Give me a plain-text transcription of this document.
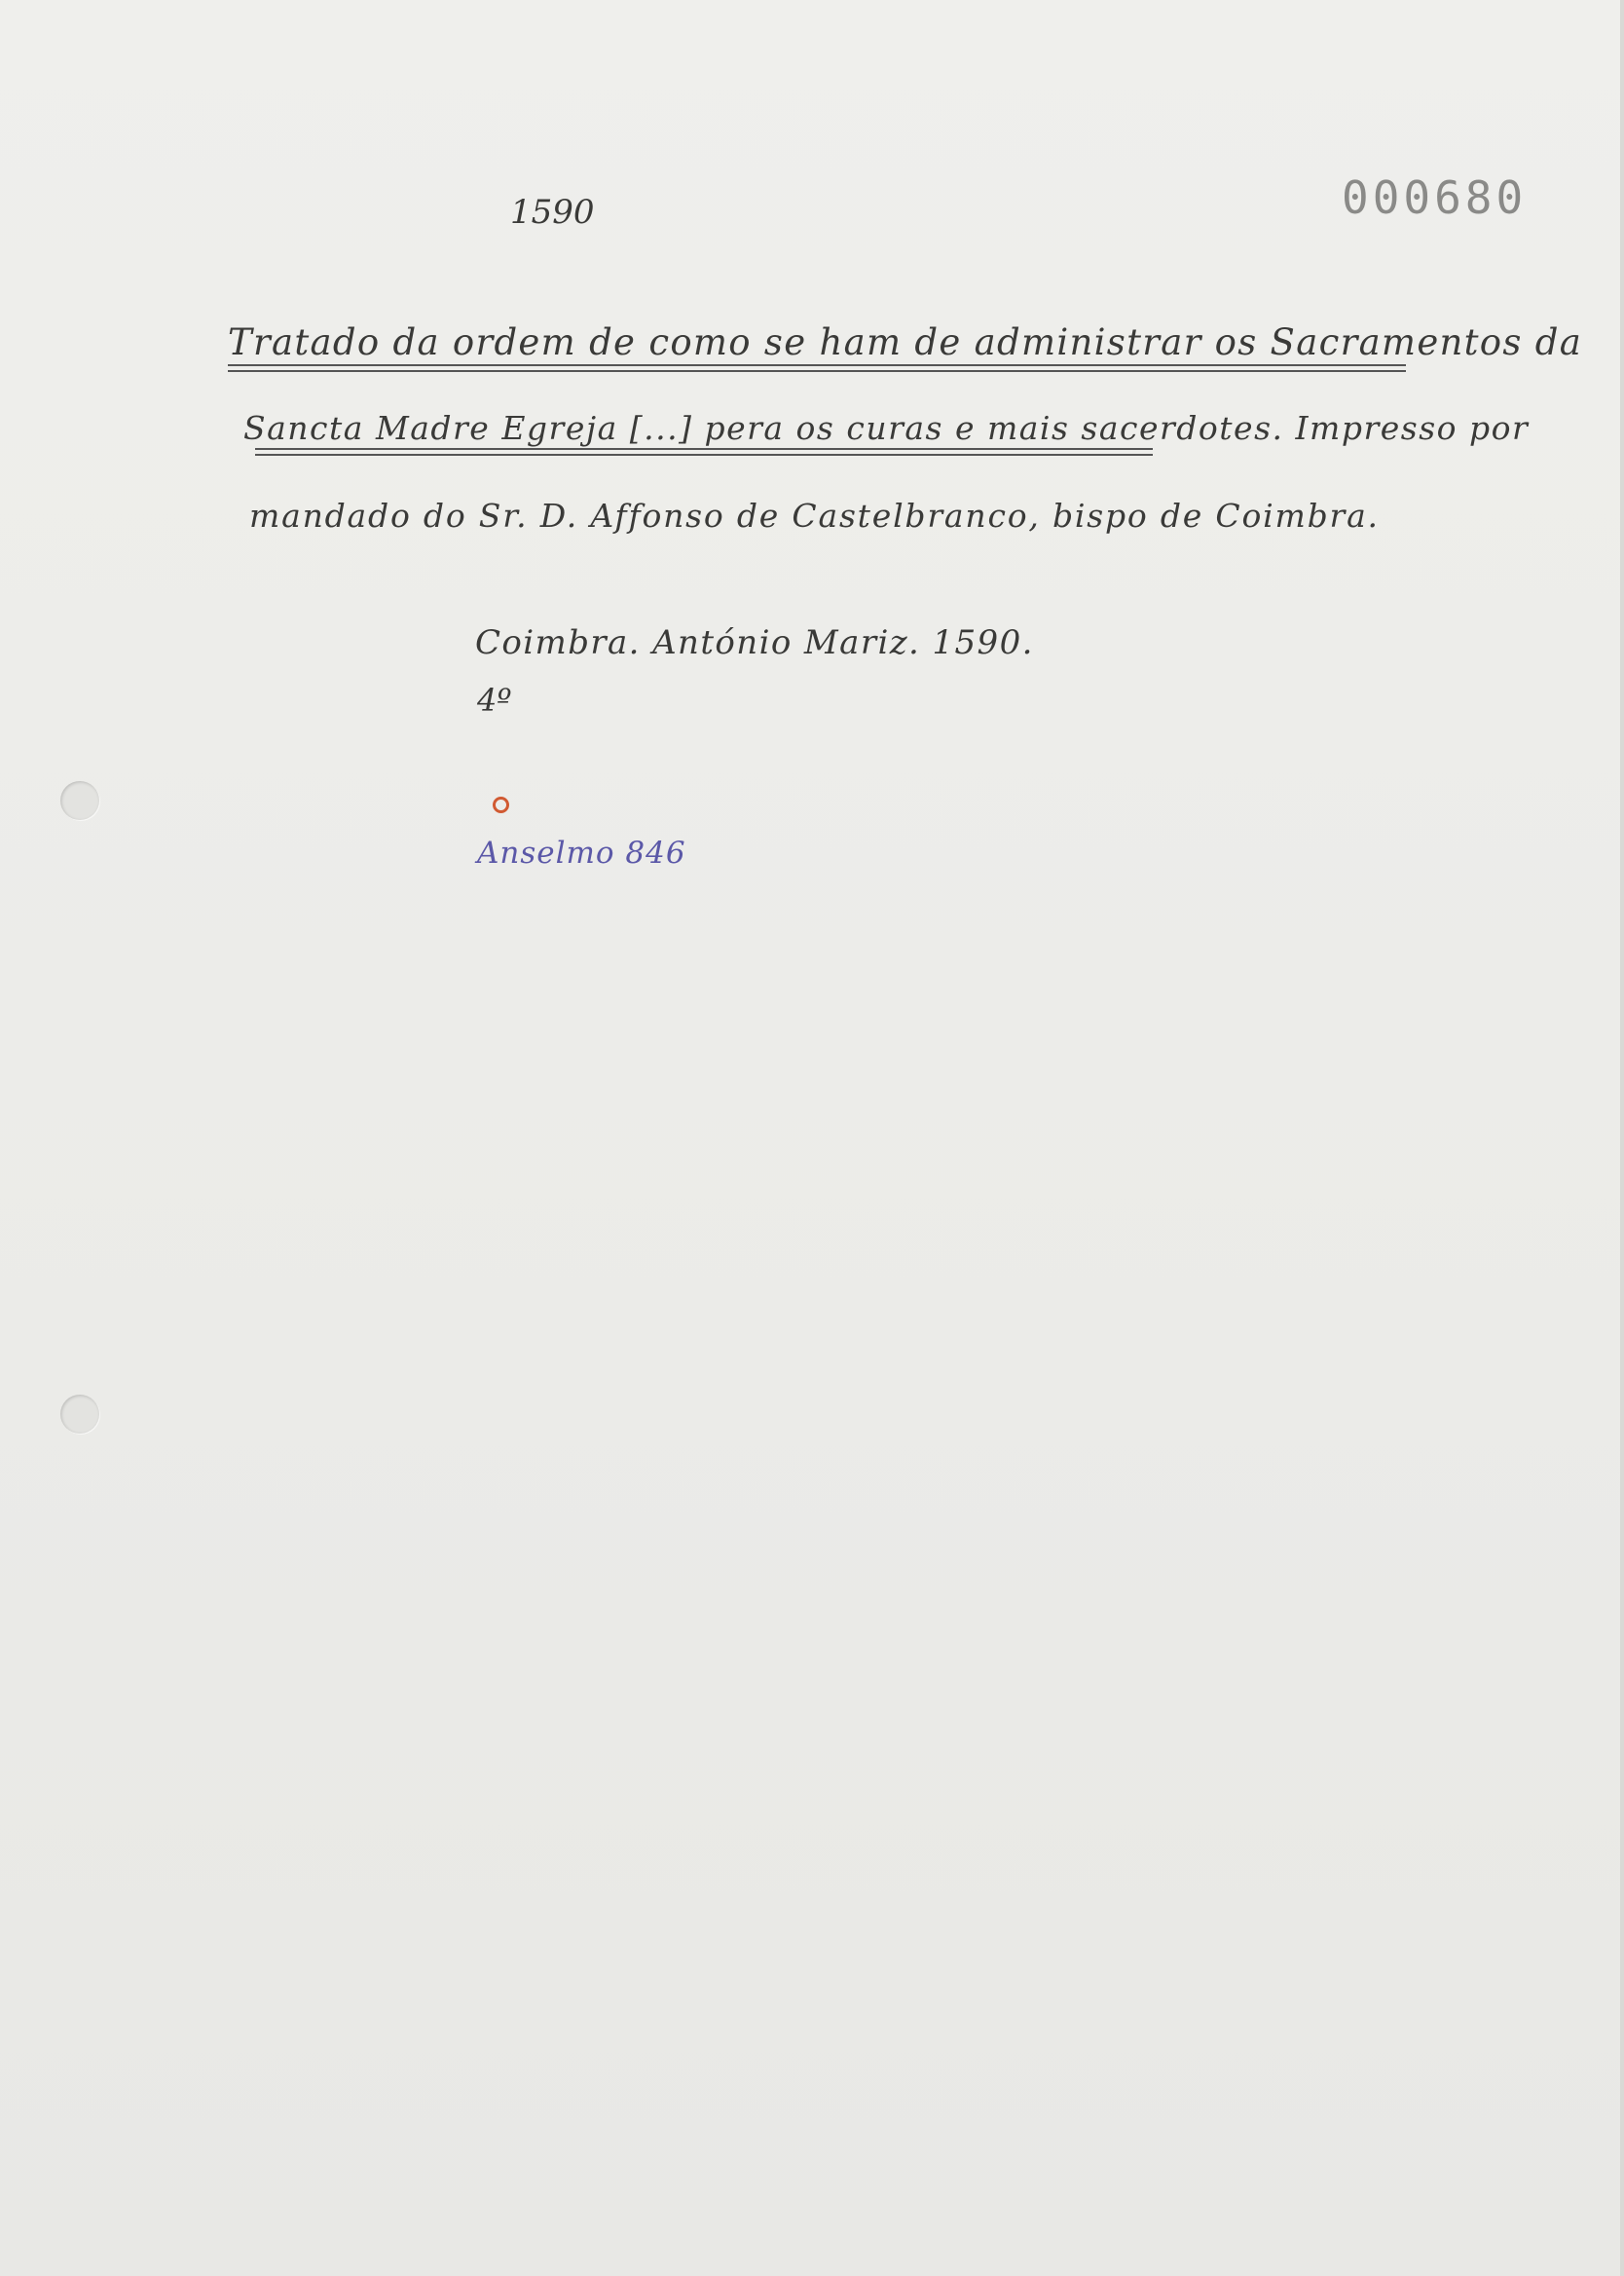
1590	000680

Tratado da ordem de como se ham de administrar os Sacramentos da

Sancta Madre Egreja [...] pera os curas e mais sacerdotes. Impresso por

mandado do Sr. D. Affonso de Castelbranco, bispo de Coimbra.

Coimbra. António Mariz. 1590.

4º

Anselmo 846
